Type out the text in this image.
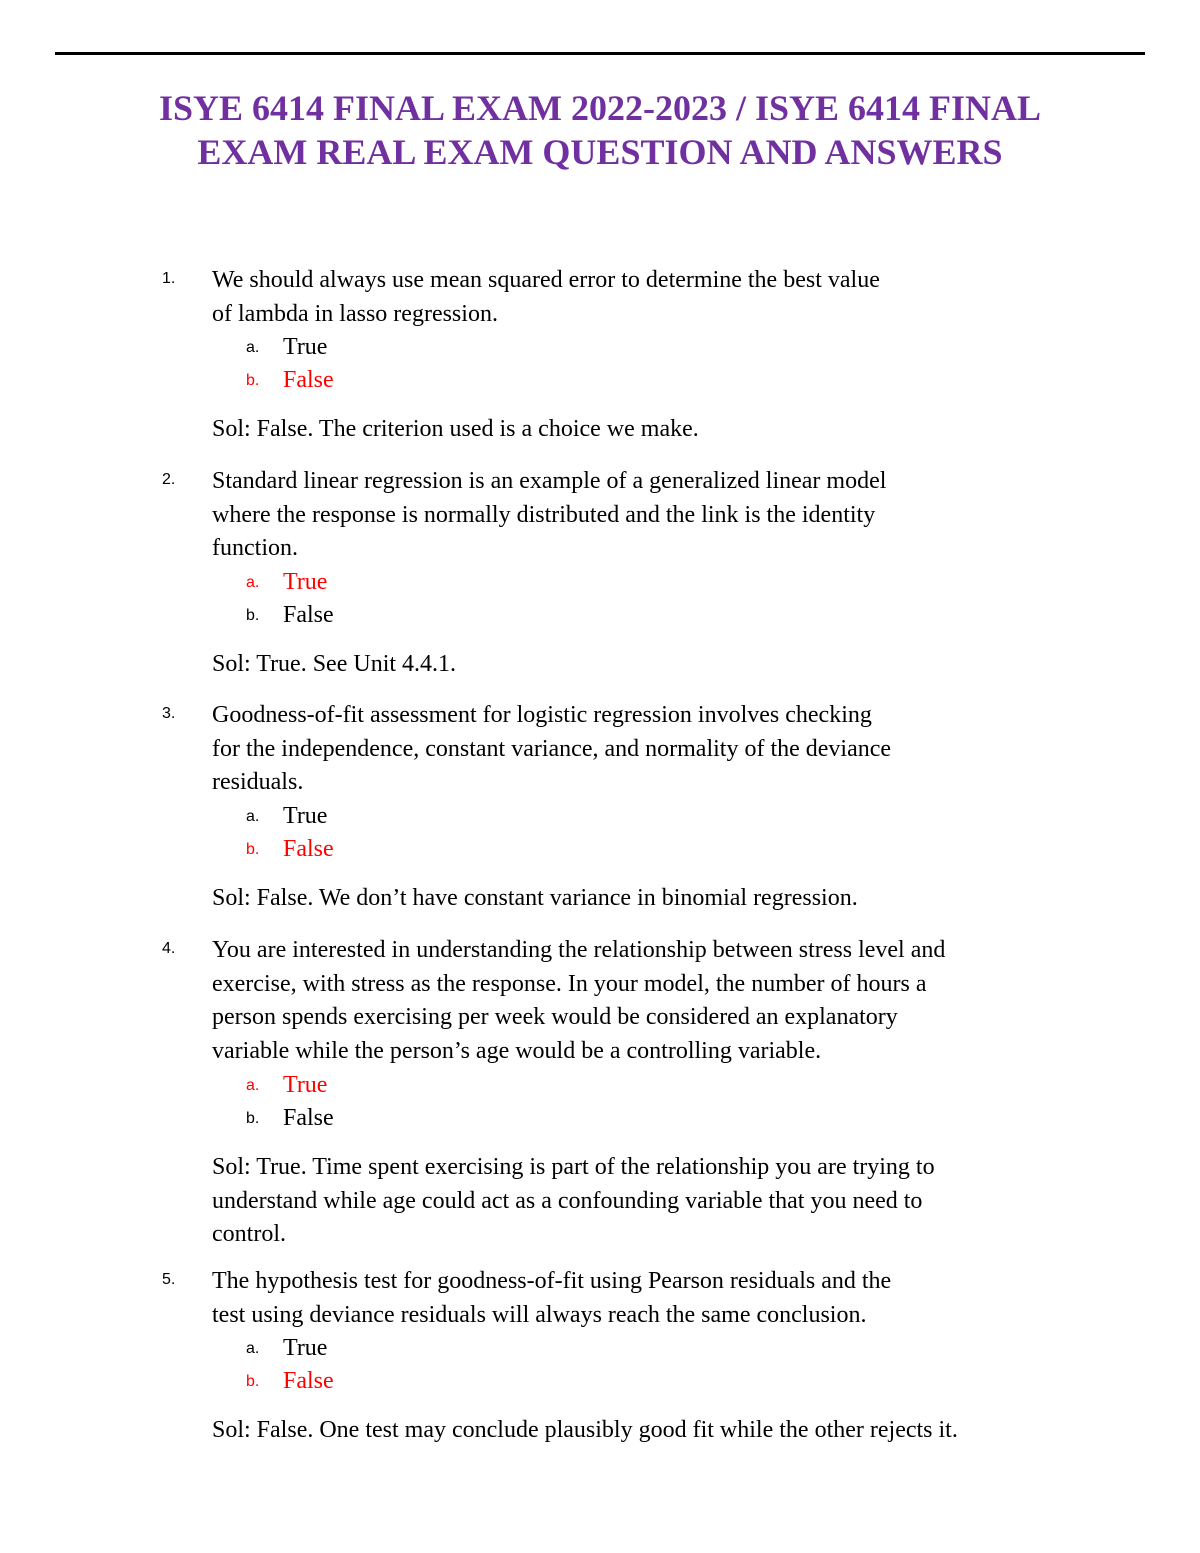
ISYE 6414 FINAL EXAM 2022-2023 / ISYE 6414 FINAL
EXAM REAL EXAM QUESTION AND ANSWERS
1. We should always use mean squared error to determine the best value
of lambda in lasso regression.
a. True
b. False
Sol: False. The criterion used is a choice we make.
2. Standard linear regression is an example of a generalized linear model
where the response is normally distributed and the link is the identity
function.
a. True
b. False
Sol: True. See Unit 4.4.1.
3. Goodness-of-fit assessment for logistic regression involves checking
for the independence, constant variance, and normality of the deviance
residuals.
a. True
b. False
Sol: False. We don’t have constant variance in binomial regression.
4. You are interested in understanding the relationship between stress level and
exercise, with stress as the response. In your model, the number of hours a
person spends exercising per week would be considered an explanatory
variable while the person’s age would be a controlling variable.
a. True
b. False
Sol: True. Time spent exercising is part of the relationship you are trying to
understand while age could act as a confounding variable that you need to
control.
5. The hypothesis test for goodness-of-fit using Pearson residuals and the
test using deviance residuals will always reach the same conclusion.
a. True
b. False
Sol: False. One test may conclude plausibly good fit while the other rejects it.
